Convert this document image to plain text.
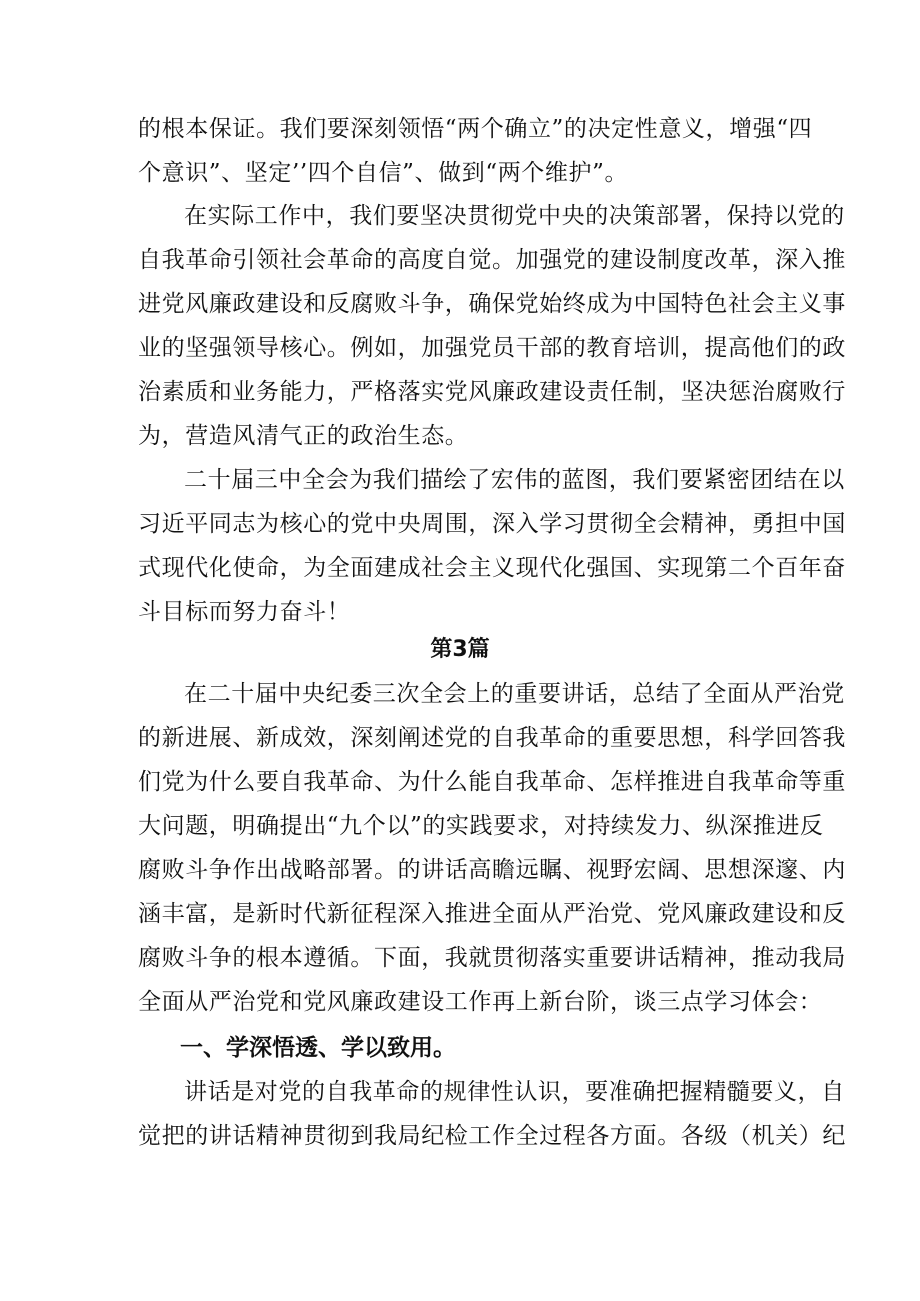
的根本保证。我们要深刻领悟“两个确立”的决定性意义，增强“四
个意识”、坚定’’四个自信”、做到“两个维护”。
在实际工作中，我们要坚决贯彻党中央的决策部署，保持以党的
自我革命引领社会革命的高度自觉。加强党的建设制度改革，深入推
进党风廉政建设和反腐败斗争，确保党始终成为中国特色社会主义事
业的坚强领导核心。例如，加强党员干部的教育培训，提高他们的政
治素质和业务能力，严格落实党风廉政建设责任制，坚决惩治腐败行
为，营造风清气正的政治生态。
二十届三中全会为我们描绘了宏伟的蓝图，我们要紧密团结在以
习近平同志为核心的党中央周围，深入学习贯彻全会精神，勇担中国
式现代化使命，为全面建成社会主义现代化强国、实现第二个百年奋
斗目标而努力奋斗！
第3篇
在二十届中央纪委三次全会上的重要讲话，总结了全面从严治党
的新进展、新成效，深刻阐述党的自我革命的重要思想，科学回答我
们党为什么要自我革命、为什么能自我革命、怎样推进自我革命等重
大问题，明确提出“九个以”的实践要求，对持续发力、纵深推进反
腐败斗争作出战略部署。的讲话高瞻远瞩、视野宏阔、思想深邃、内
涵丰富，是新时代新征程深入推进全面从严治党、党风廉政建设和反
腐败斗争的根本遵循。下面，我就贯彻落实重要讲话精神，推动我局
全面从严治党和党风廉政建设工作再上新台阶，谈三点学习体会：
一、学深悟透、学以致用。
讲话是对党的自我革命的规律性认识，要准确把握精髓要义，自
觉把的讲话精神贯彻到我局纪检工作全过程各方面。各级（机关）纪
